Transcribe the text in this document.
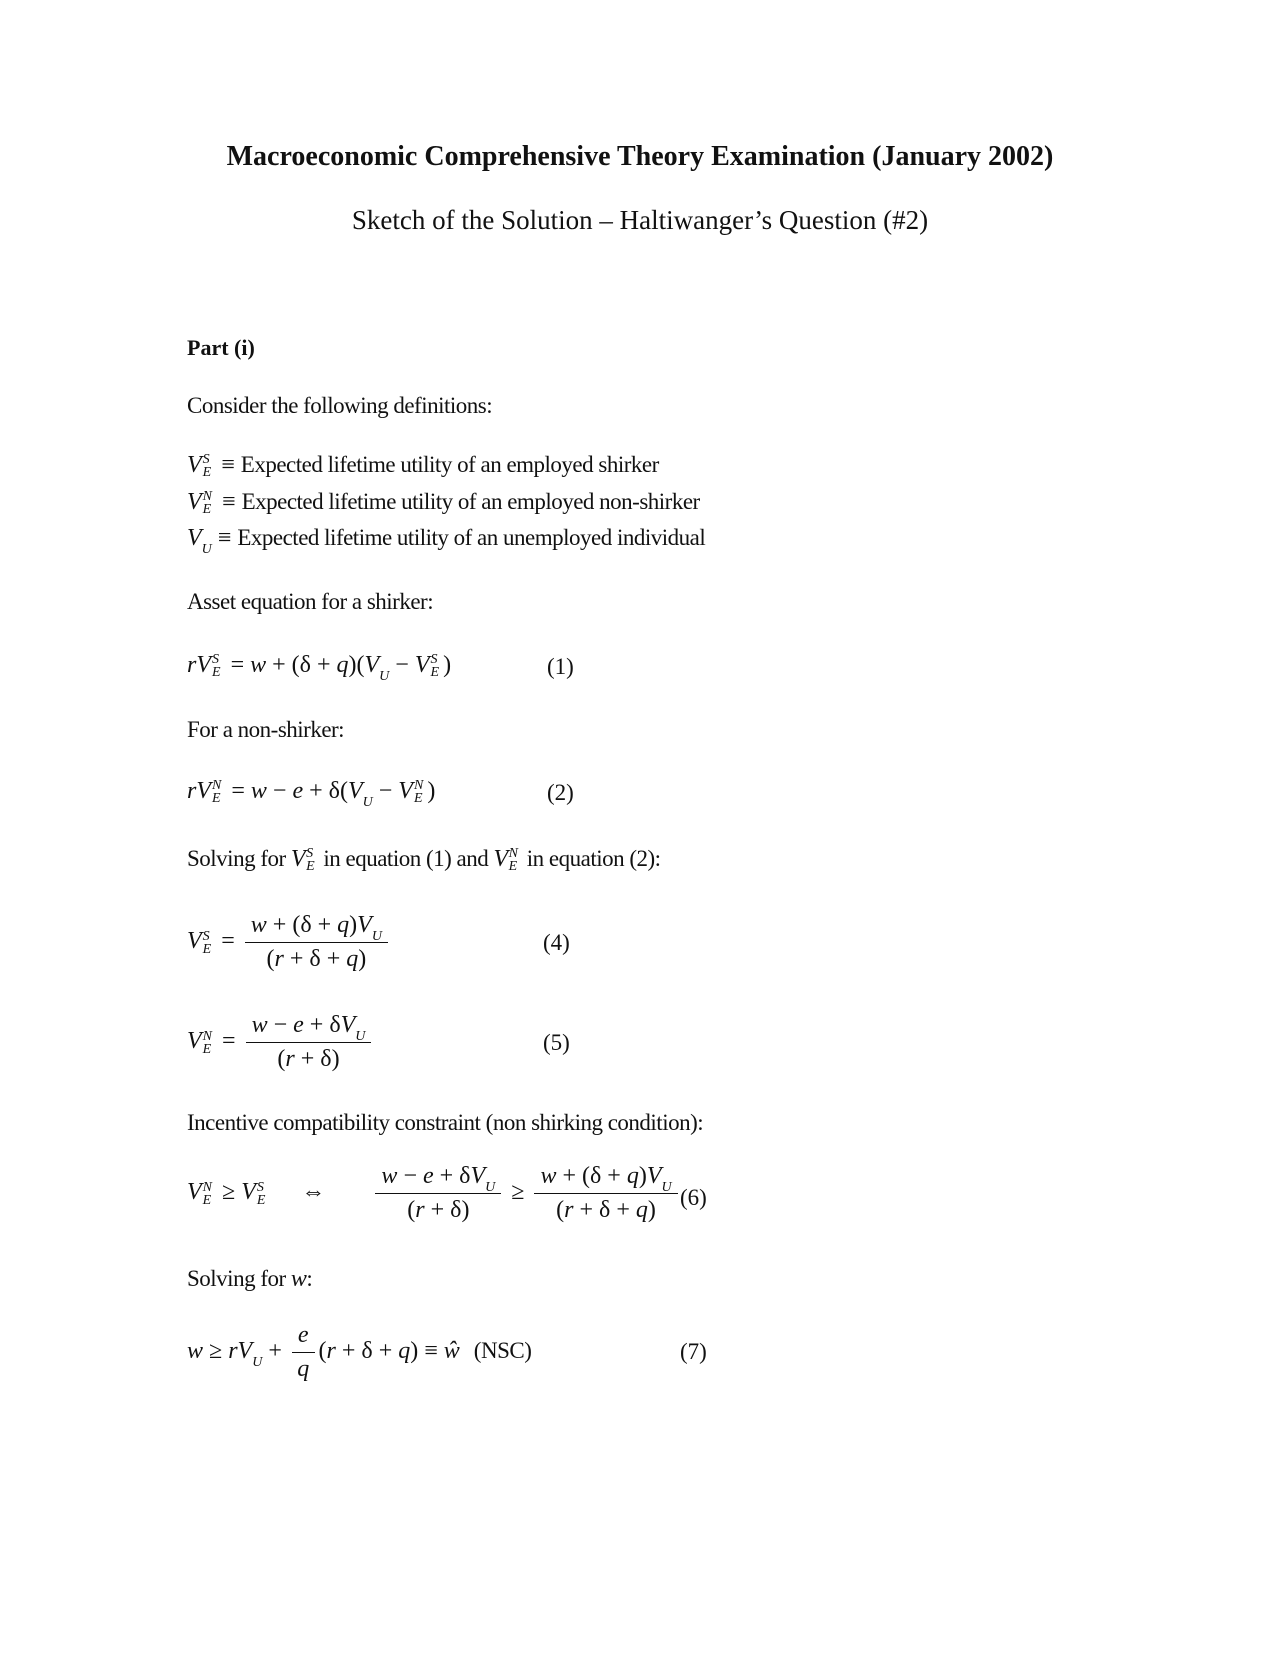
Macroeconomic Comprehensive Theory Examination (January 2002)
Sketch of the Solution – Haltiwanger’s Question (#2)
Part (i)
Consider the following definitions:
V S
E ≡ Expected lifetime utility of an employed shirker
V N
E ≡ Expected lifetime utility of an employed non-shirker
$V_U$ ≡ Expected lifetime utility of an unemployed individual
Asset equation for a shirker:
rV S
$E = w + (\delta + q)(V_U - V$ S
E )	(1)
For a non-shirker:
rV N
$E = w - e + \delta(V_U - V$ N
E )	(2)
Solving for V S
E in equation (1) and V N
E in equation (2):
V S
$E = \frac{w + (\delta + q)V_U}{(r + \delta + q)}$	(4)
V N
$E = \frac{w - e + \delta V_U}{(r + \delta)}$	(5)
Incentive compatibility constraint (non shirking condition):
V N
E ≥ V S
E ⇔ $\frac{w - e + \delta V_U}{(r + \delta)} \ge \frac{w + (\delta + q)V_U}{(r + \delta + q)} (6)$
Solving for w:
$w \ge rV_U + \frac{e}{q} (r + \delta + q)$ ≡ ŵ (NSC)	(7)
